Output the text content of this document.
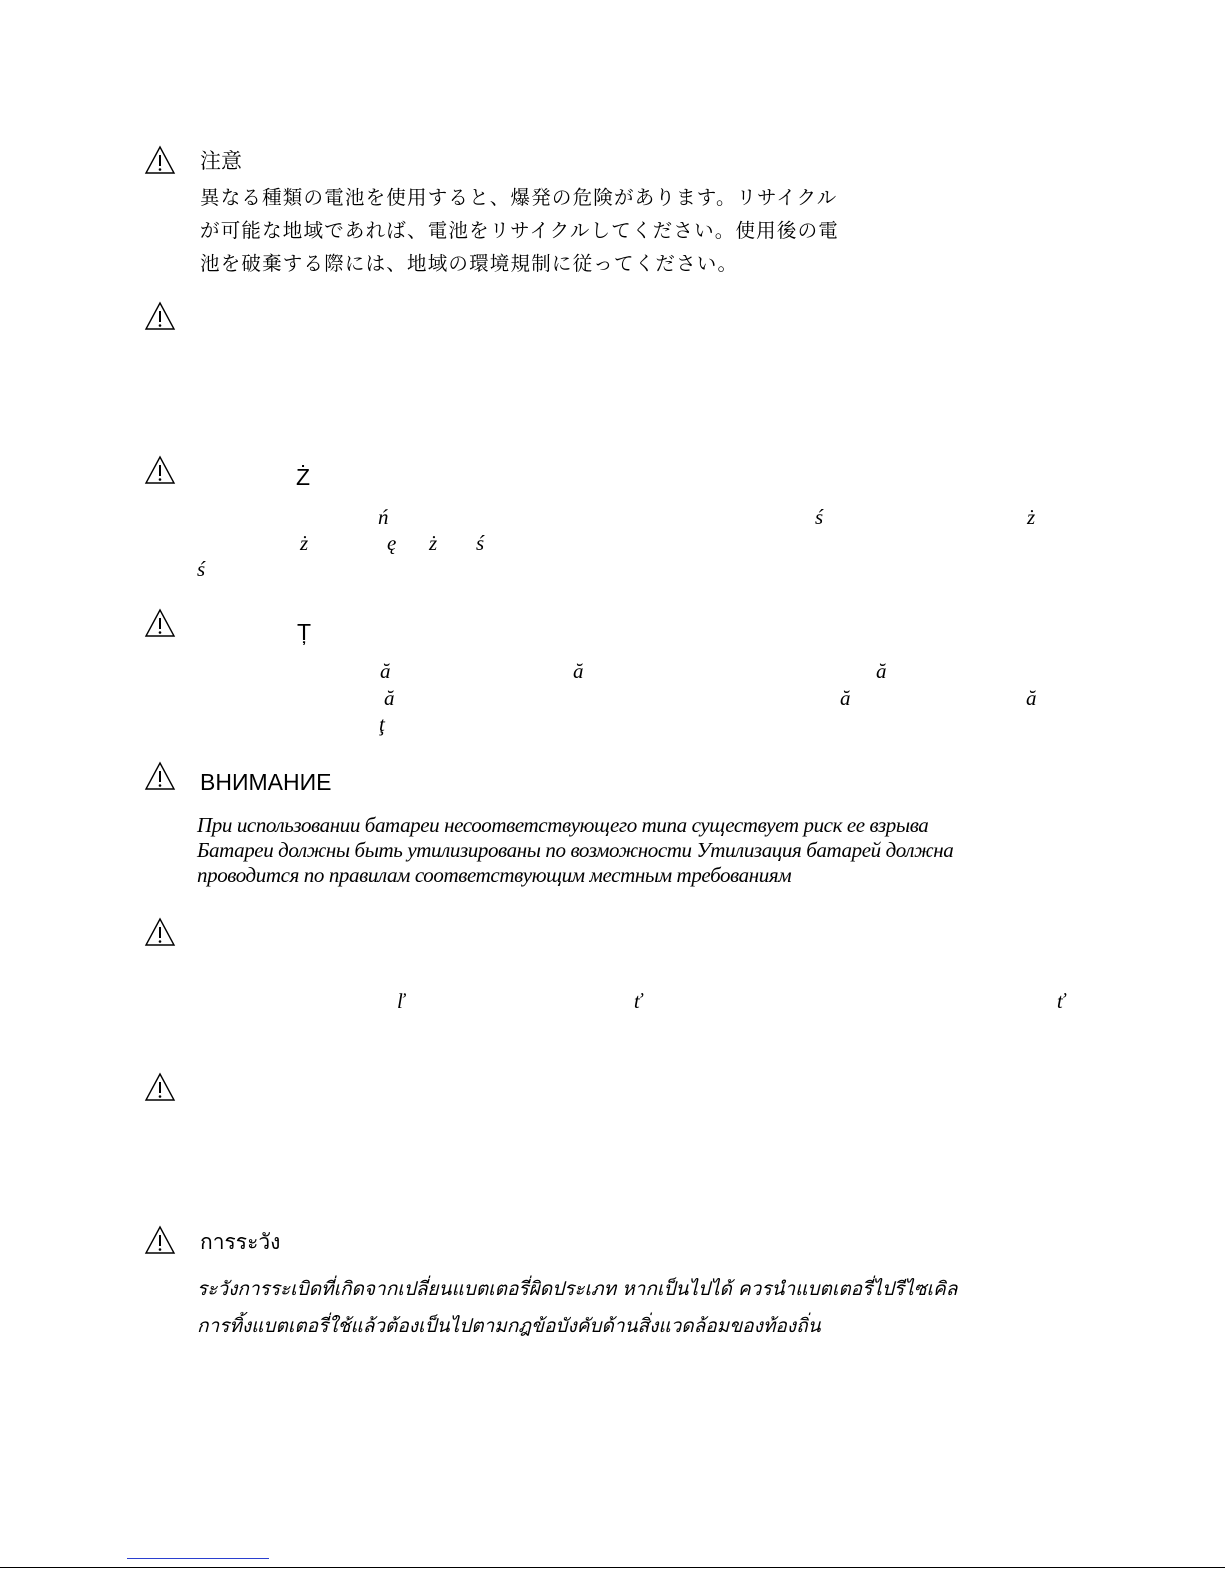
注意
異なる種類の電池を使用すると、爆発の危険があります。リサイクル
が可能な地域であれば、電池をリサイクルしてください。使用後の電
池を破棄する際には、地域の環境規制に従ってください。
Ż
ń	ś	ż
ż	ę ż ś
ś
Ț
ă	ă	ă
ă	ă	ă
ţ
ВНИМАНИЕ
При использовании батареи несоответствующего типа существует риск ее взрыва
Батареи должны быть утилизированы по возможности Утилизация батарей должна
проводится по правилам соответствующим местным требованиям
ľ	ť	ť
การระวัง
ระวังการระเบิดที่เกิดจากเปลี่ยนแบตเตอรี่ผิดประเภท หากเป็นไปได้ ควรนำแบตเตอรี่ไปรีไซเคิล
การทิ้งแบตเตอรี่ใช้แล้วต้องเป็นไปตามกฎข้อบังคับด้านสิ่งแวดล้อมของท้องถิ่น
